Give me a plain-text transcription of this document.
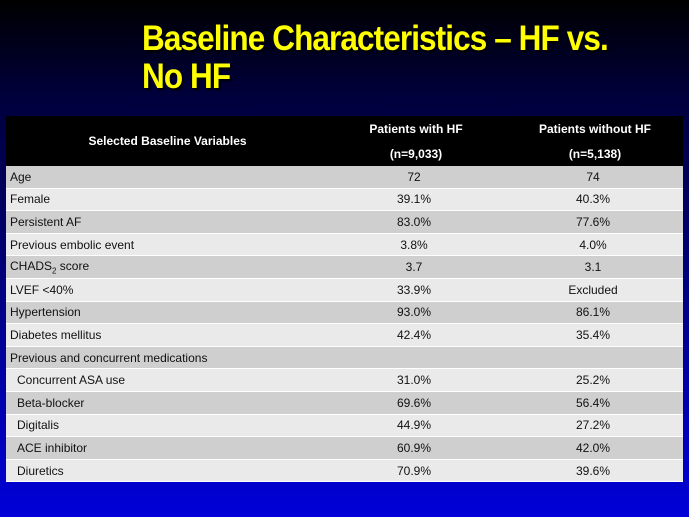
Baseline Characteristics – HF vs.
No HF
Selected Baseline Variables	Patients with HF	Patients without HF
	(n=9,033)	(n=5,138)
Age	72	74
Female	39.1%	40.3%
Persistent AF	83.0%	77.6%
Previous embolic event	3.8%	4.0%
$CHADS_2$ score	3.7	3.1
LVEF <40%	33.9%	Excluded
Hypertension	93.0%	86.1%
Diabetes mellitus	42.4%	35.4%
Previous and concurrent medications		
Concurrent ASA use	31.0%	25.2%
Beta-blocker	69.6%	56.4%
Digitalis	44.9%	27.2%
ACE inhibitor	60.9%	42.0%
Diuretics	70.9%	39.6%
